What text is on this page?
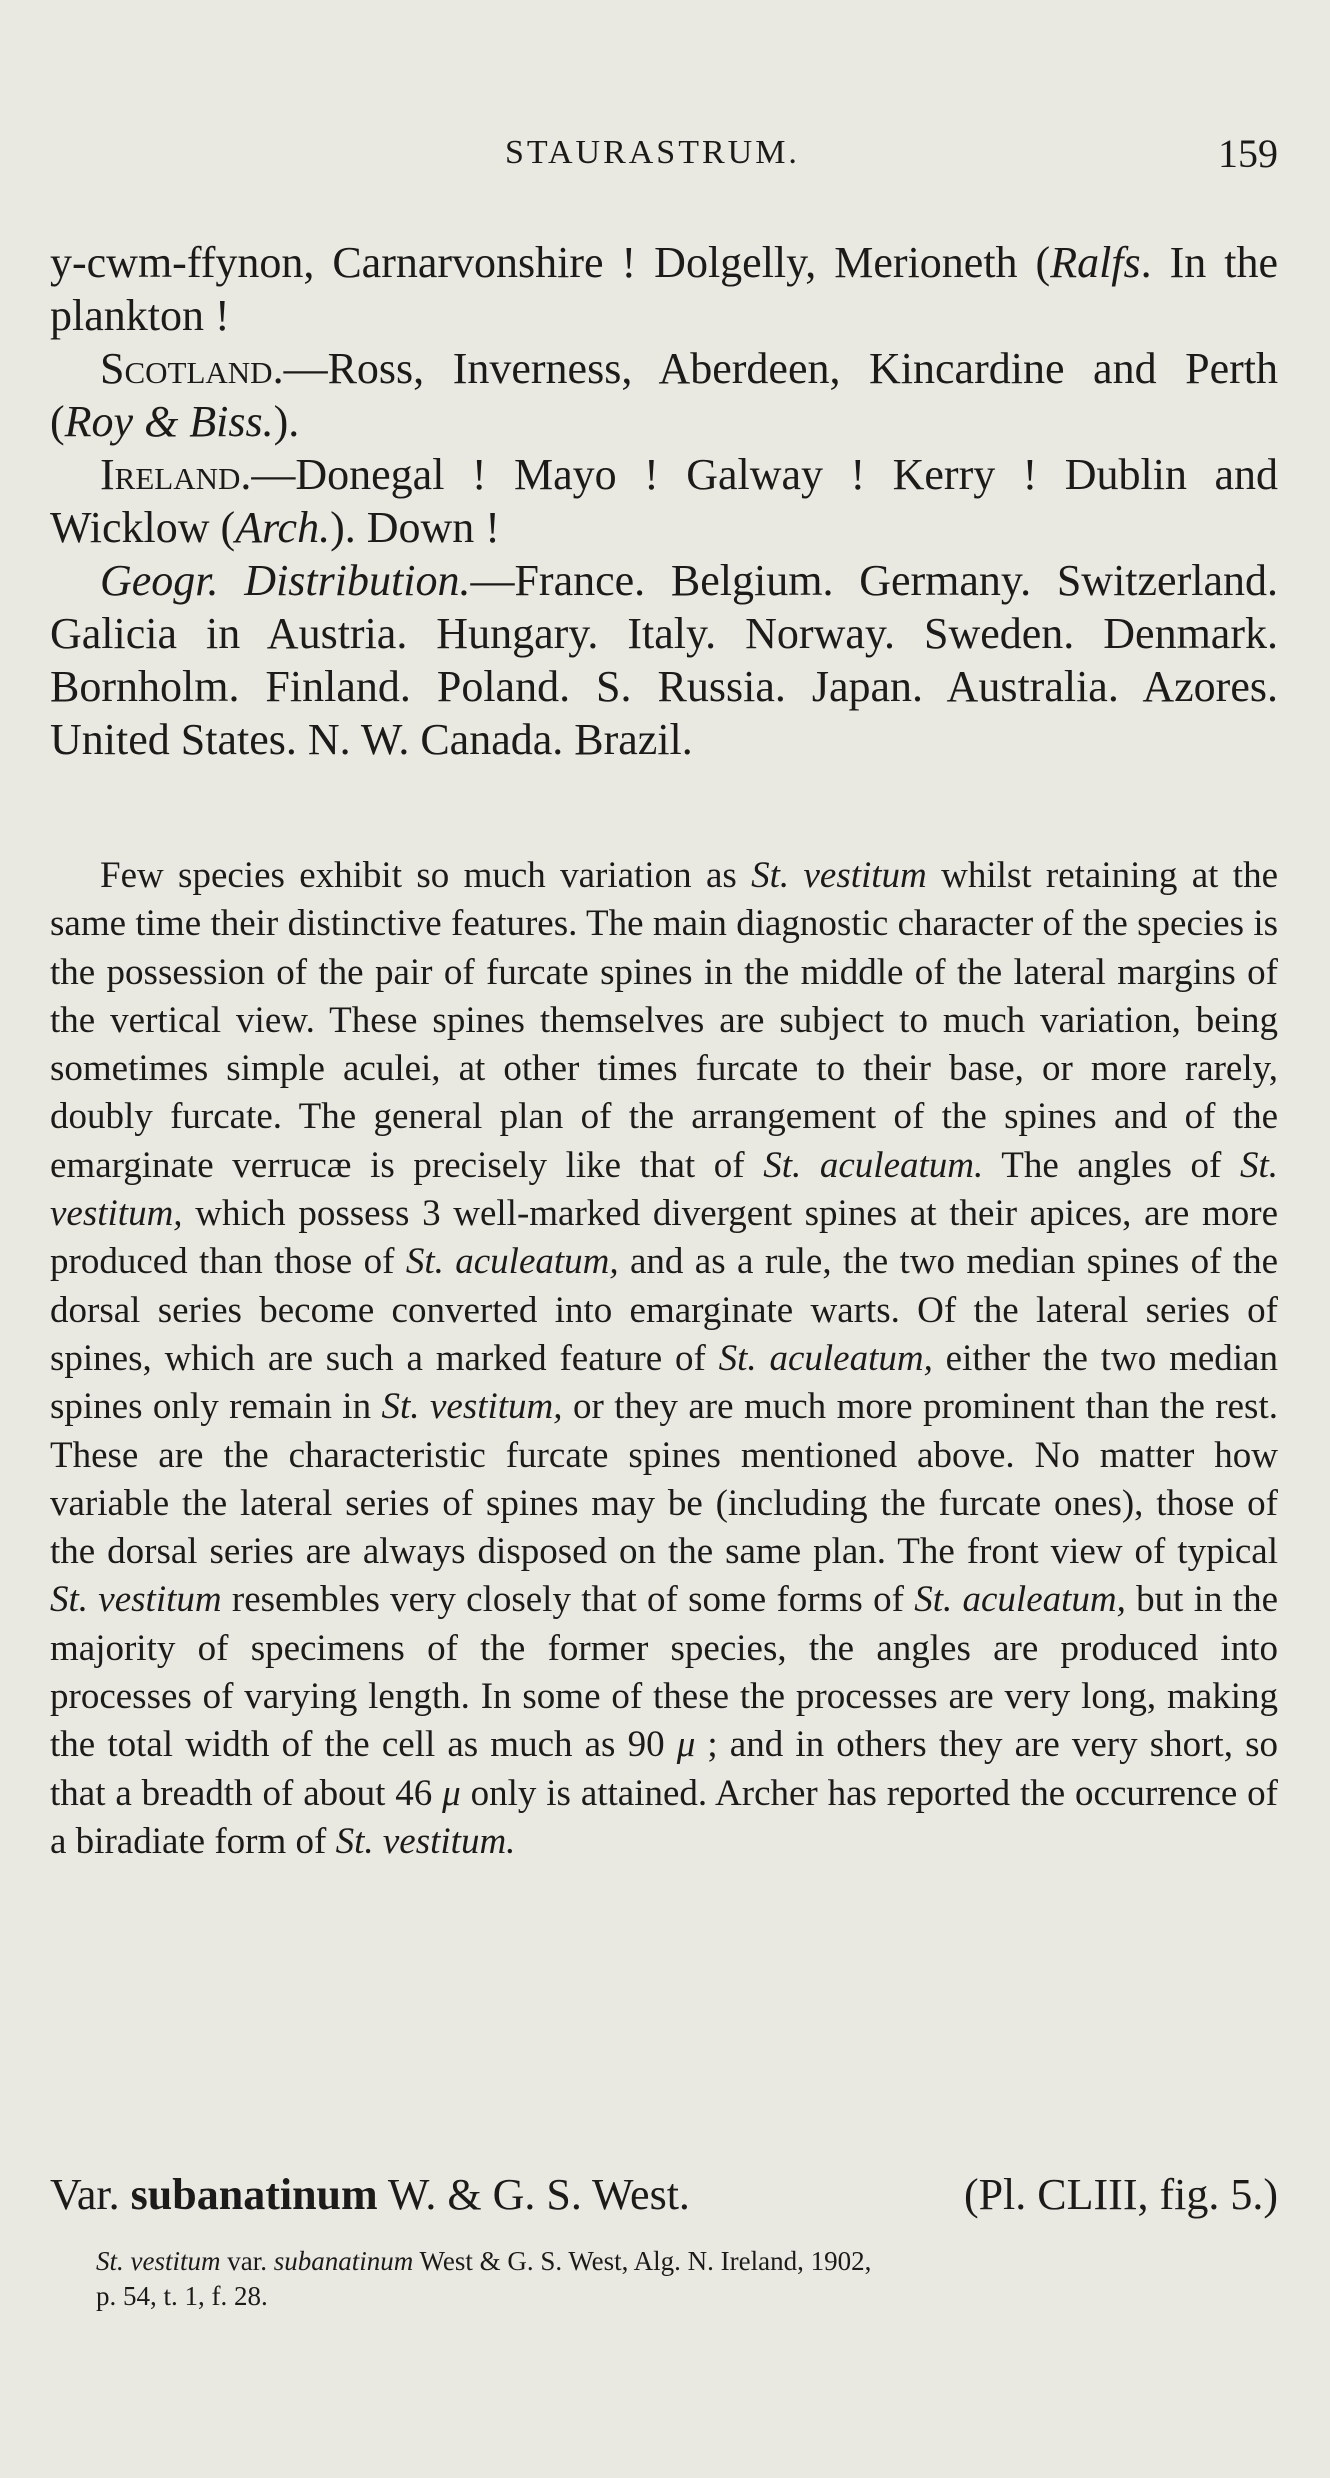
STAURASTRUM.	159

y-cwm-ffynon, Carnarvonshire ! Dolgelly, Merioneth (Ralfs. In the plankton !

Scotland.—Ross, Inverness, Aberdeen, Kincardine and Perth (Roy & Biss.).

Ireland.—Donegal ! Mayo ! Galway ! Kerry ! Dublin and Wicklow (Arch.). Down !

Geogr. Distribution.—France. Belgium. Germany. Switzerland. Galicia in Austria. Hungary. Italy. Norway. Sweden. Denmark. Bornholm. Finland. Poland. S. Russia. Japan. Australia. Azores. United States. N. W. Canada. Brazil.

Few species exhibit so much variation as St. vestitum whilst retaining at the same time their distinctive features. The main diagnostic character of the species is the possession of the pair of furcate spines in the middle of the lateral margins of the vertical view. These spines themselves are subject to much variation, being sometimes simple aculei, at other times furcate to their base, or more rarely, doubly furcate. The general plan of the arrangement of the spines and of the emarginate verrucæ is precisely like that of St. aculeatum. The angles of St. vestitum, which possess 3 well-marked divergent spines at their apices, are more produced than those of St. aculeatum, and as a rule, the two median spines of the dorsal series become converted into emarginate warts. Of the lateral series of spines, which are such a marked feature of St. aculeatum, either the two median spines only remain in St. vestitum, or they are much more prominent than the rest. These are the characteristic furcate spines mentioned above. No matter how variable the lateral series of spines may be (including the furcate ones), those of the dorsal series are always disposed on the same plan. The front view of typical St. vestitum resembles very closely that of some forms of St. aculeatum, but in the majority of specimens of the former species, the angles are produced into processes of varying length. In some of these the processes are very long, making the total width of the cell as much as 90 μ ; and in others they are very short, so that a breadth of about 46 μ only is attained. Archer has reported the occurrence of a biradiate form of St. vestitum.

Var. subanatinum W. & G. S. West.	(Pl. CLIII, fig. 5.)

St. vestitum var. subanatinum West & G. S. West, Alg. N. Ireland, 1902,
p. 54, t. 1, f. 28.
